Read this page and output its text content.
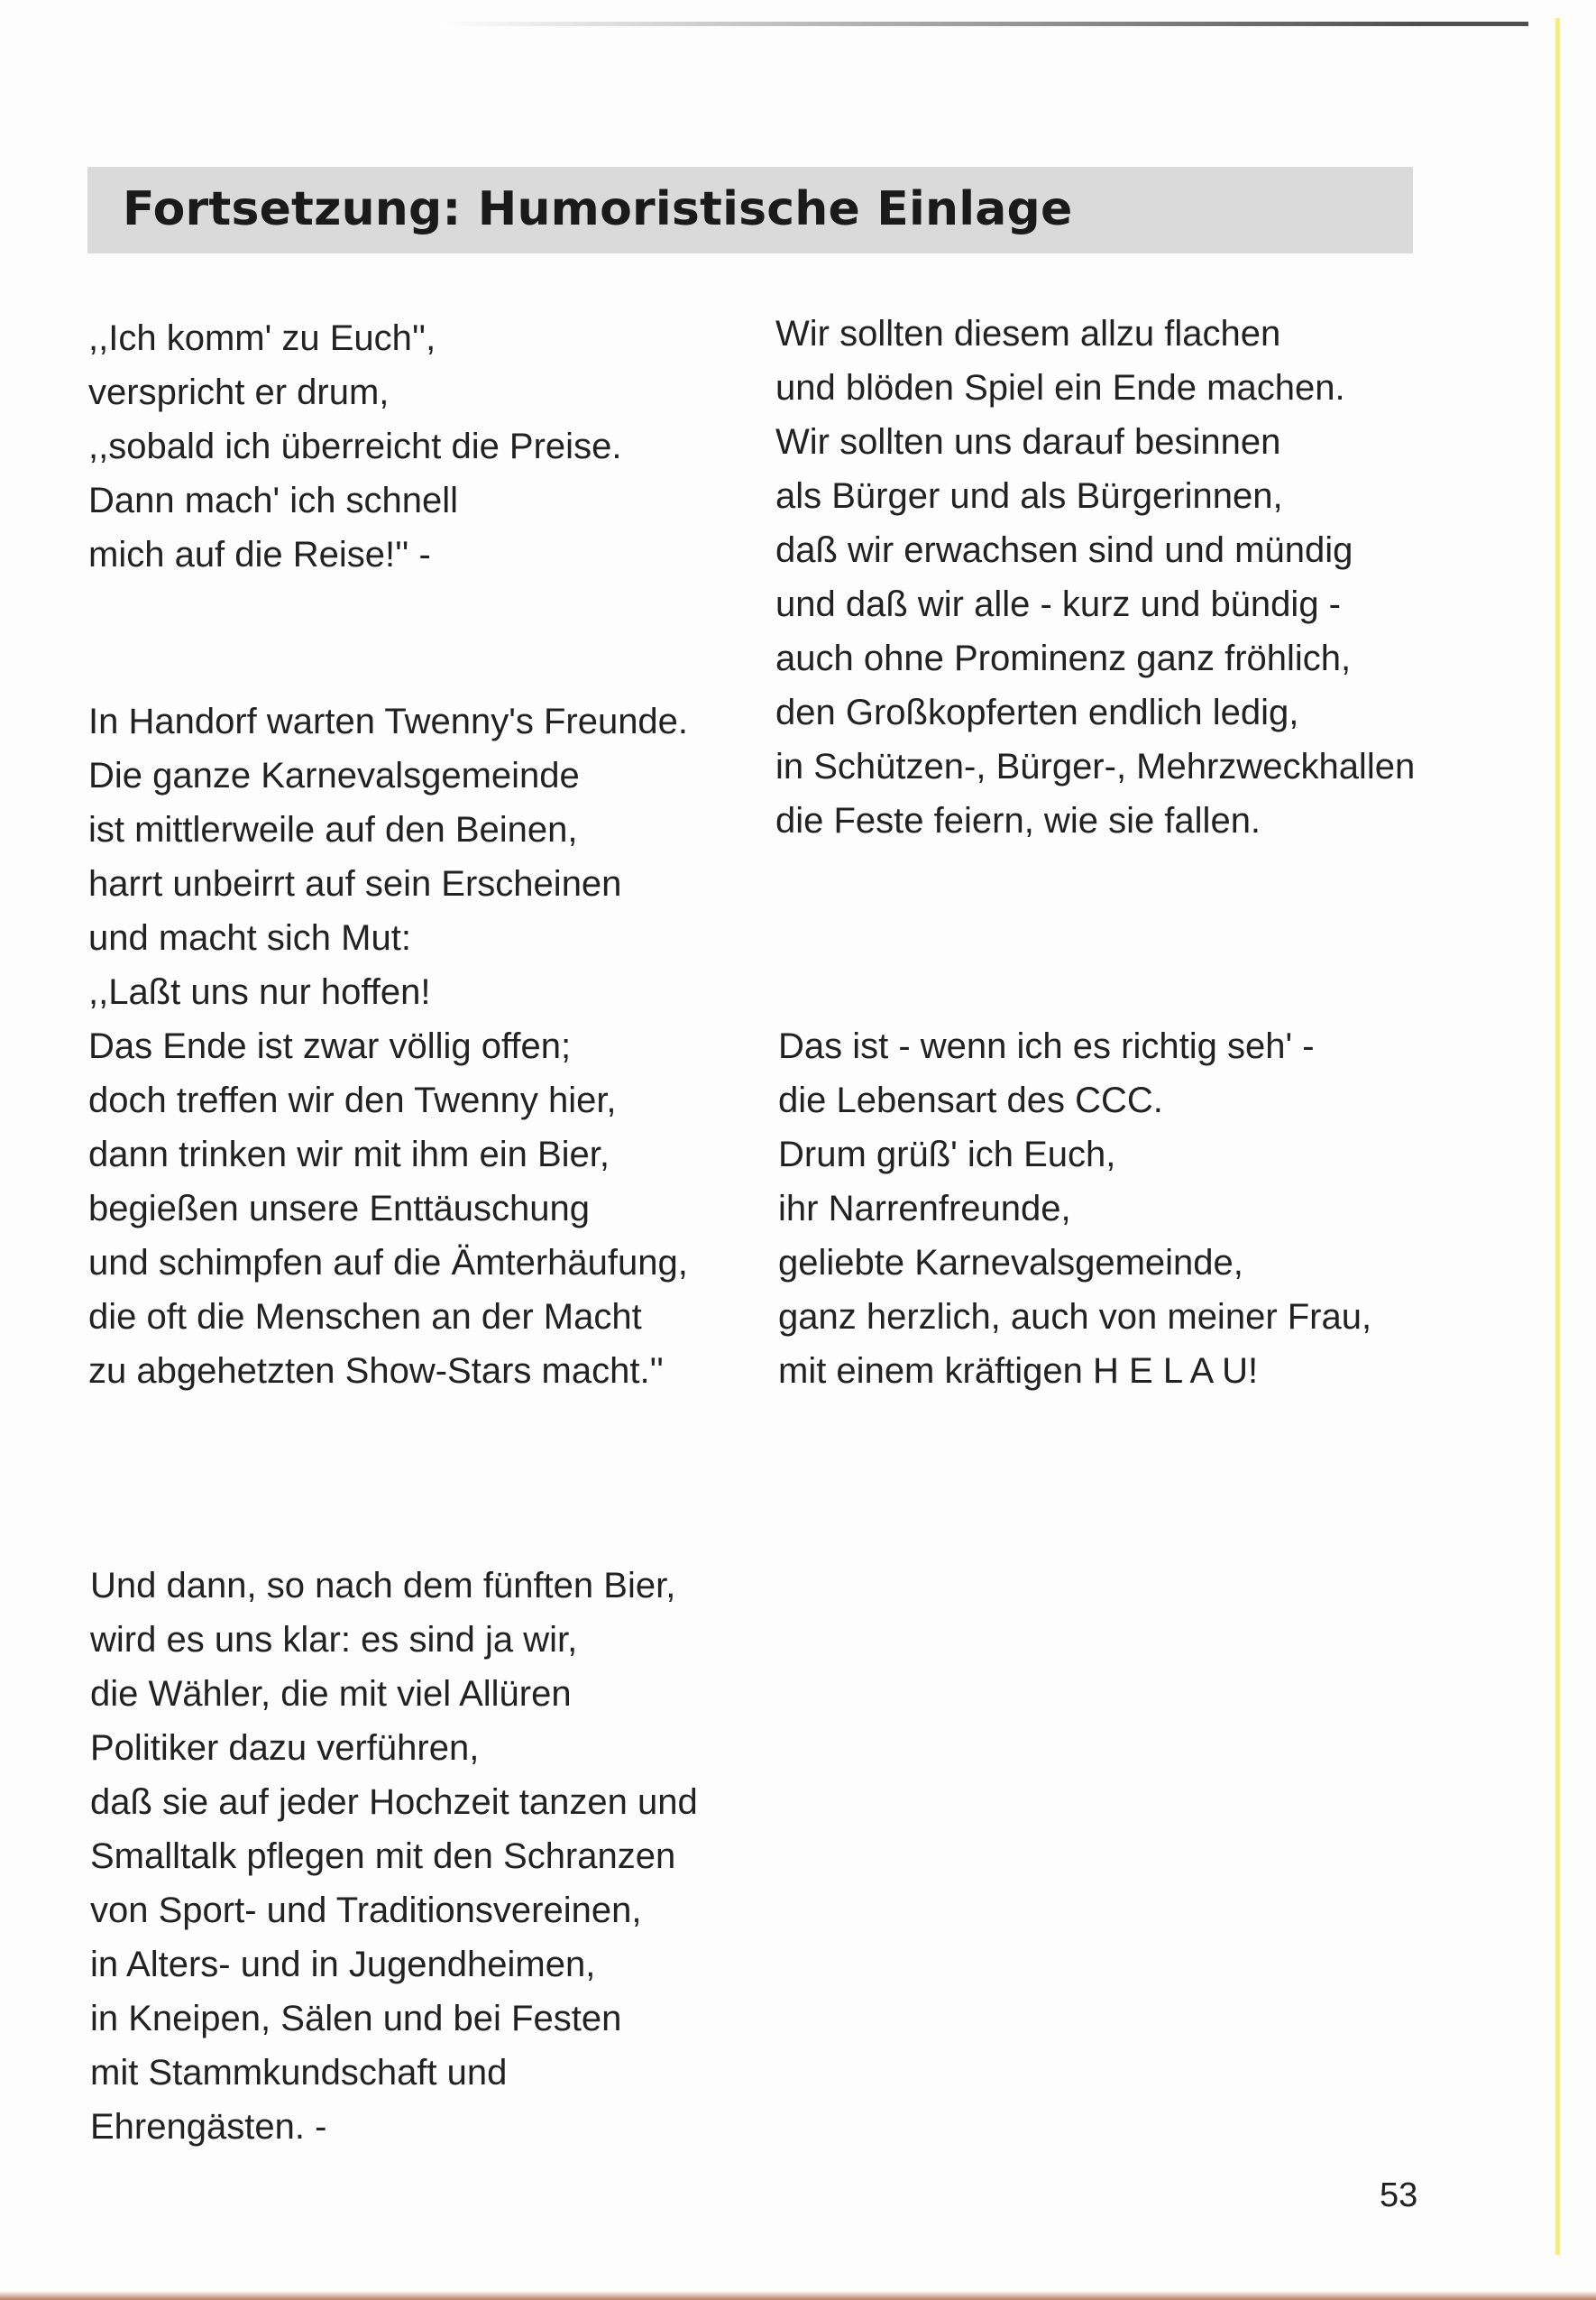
Fortsetzung: Humoristische Einlage
,,Ich komm' zu Euch'',
verspricht er drum,
,,sobald ich überreicht die Preise.
Dann mach' ich schnell
mich auf die Reise!'' -
In Handorf warten Twenny's Freunde.
Die ganze Karnevalsgemeinde
ist mittlerweile auf den Beinen,
harrt unbeirrt auf sein Erscheinen
und macht sich Mut:
,,Laßt uns nur hoffen!
Das Ende ist zwar völlig offen;
doch treffen wir den Twenny hier,
dann trinken wir mit ihm ein Bier,
begießen unsere Enttäuschung
und schimpfen auf die Ämterhäufung,
die oft die Menschen an der Macht
zu abgehetzten Show-Stars macht.''
Und dann, so nach dem fünften Bier,
wird es uns klar: es sind ja wir,
die Wähler, die mit viel Allüren
Politiker dazu verführen,
daß sie auf jeder Hochzeit tanzen und
Smalltalk pflegen mit den Schranzen
von Sport- und Traditionsvereinen,
in Alters- und in Jugendheimen,
in Kneipen, Sälen und bei Festen
mit Stammkundschaft und
Ehrengästen. -
Wir sollten diesem allzu flachen
und blöden Spiel ein Ende machen.
Wir sollten uns darauf besinnen
als Bürger und als Bürgerinnen,
daß wir erwachsen sind und mündig
und daß wir alle - kurz und bündig -
auch ohne Prominenz ganz fröhlich,
den Großkopferten endlich ledig,
in Schützen-, Bürger-, Mehrzweckhallen
die Feste feiern, wie sie fallen.
Das ist - wenn ich es richtig seh' -
die Lebensart des CCC.
Drum grüß' ich Euch,
ihr Narrenfreunde,
geliebte Karnevalsgemeinde,
ganz herzlich, auch von meiner Frau,
mit einem kräftigen H E L A U!
53
